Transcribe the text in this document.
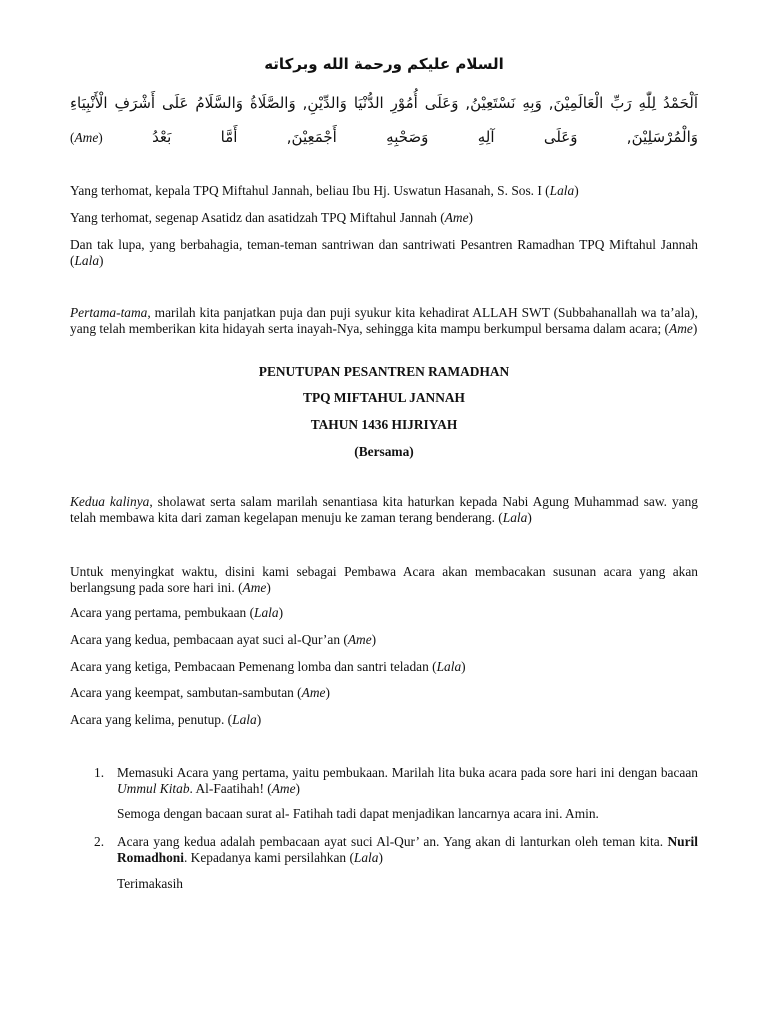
السلام عليكم ورحمة الله وبركاته
اَلْحَمْدُ لِلّٰهِ رَبِّ الْعَالَمِيْنَ, وَبِهِ نَسْتَعِيْنُ, وَعَلَى أُمُوْرِ الدُّنْيَا وَالدِّيْنِ, وَالصَّلَاةُ وَالسَّلَامُ عَلَى أَشْرَفِ الْأَنْبِيَاءِ وَالْمُرْسَلِيْنَ, وَعَلَى آلِهِ وَصَحْبِهِ أَجْمَعِيْنَ, أَمَّا بَعْدُ (Ame)

Yang terhomat, kepala TPQ Miftahul Jannah, beliau Ibu Hj. Uswatun Hasanah, S. Sos. I (Lala)

Yang terhomat, segenap Asatidz dan asatidzah TPQ Miftahul Jannah (Ame)

Dan tak lupa, yang berbahagia, teman-teman santriwan dan santriwati Pesantren Ramadhan TPQ Miftahul Jannah (Lala)

Pertama-tama, marilah kita panjatkan puja dan puji syukur kita kehadirat ALLAH SWT (Subbahanallah wa ta’ala), yang telah memberikan kita hidayah serta inayah-Nya, sehingga kita mampu berkumpul bersama dalam acara; (Ame)

PENUTUPAN PESANTREN RAMADHAN

TPQ MIFTAHUL JANNAH

TAHUN 1436 HIJRIYAH

(Bersama)

Kedua kalinya, sholawat serta salam marilah senantiasa kita haturkan kepada Nabi Agung Muhammad saw. yang telah membawa kita dari zaman kegelapan menuju ke zaman terang benderang. (Lala)

Untuk menyingkat waktu, disini kami sebagai Pembawa Acara akan membacakan susunan acara yang akan berlangsung pada sore hari ini. (Ame)

Acara yang pertama, pembukaan (Lala)

Acara yang kedua, pembacaan ayat suci al-Qur’an (Ame)

Acara yang ketiga, Pembacaan Pemenang lomba dan santri teladan (Lala)

Acara yang keempat, sambutan-sambutan (Ame)

Acara yang kelima, penutup. (Lala)

1. Memasuki Acara yang pertama, yaitu pembukaan. Marilah lita buka acara pada sore hari ini dengan bacaan Ummul Kitab. Al-Faatihah! (Ame)

Semoga dengan bacaan surat al- Fatihah tadi dapat menjadikan lancarnya acara ini. Amin.

2. Acara yang kedua adalah pembacaan ayat suci Al-Qur’ an. Yang akan di lanturkan oleh teman kita. Nuril Romadhoni. Kepadanya kami persilahkan (Lala)

Terimakasih
